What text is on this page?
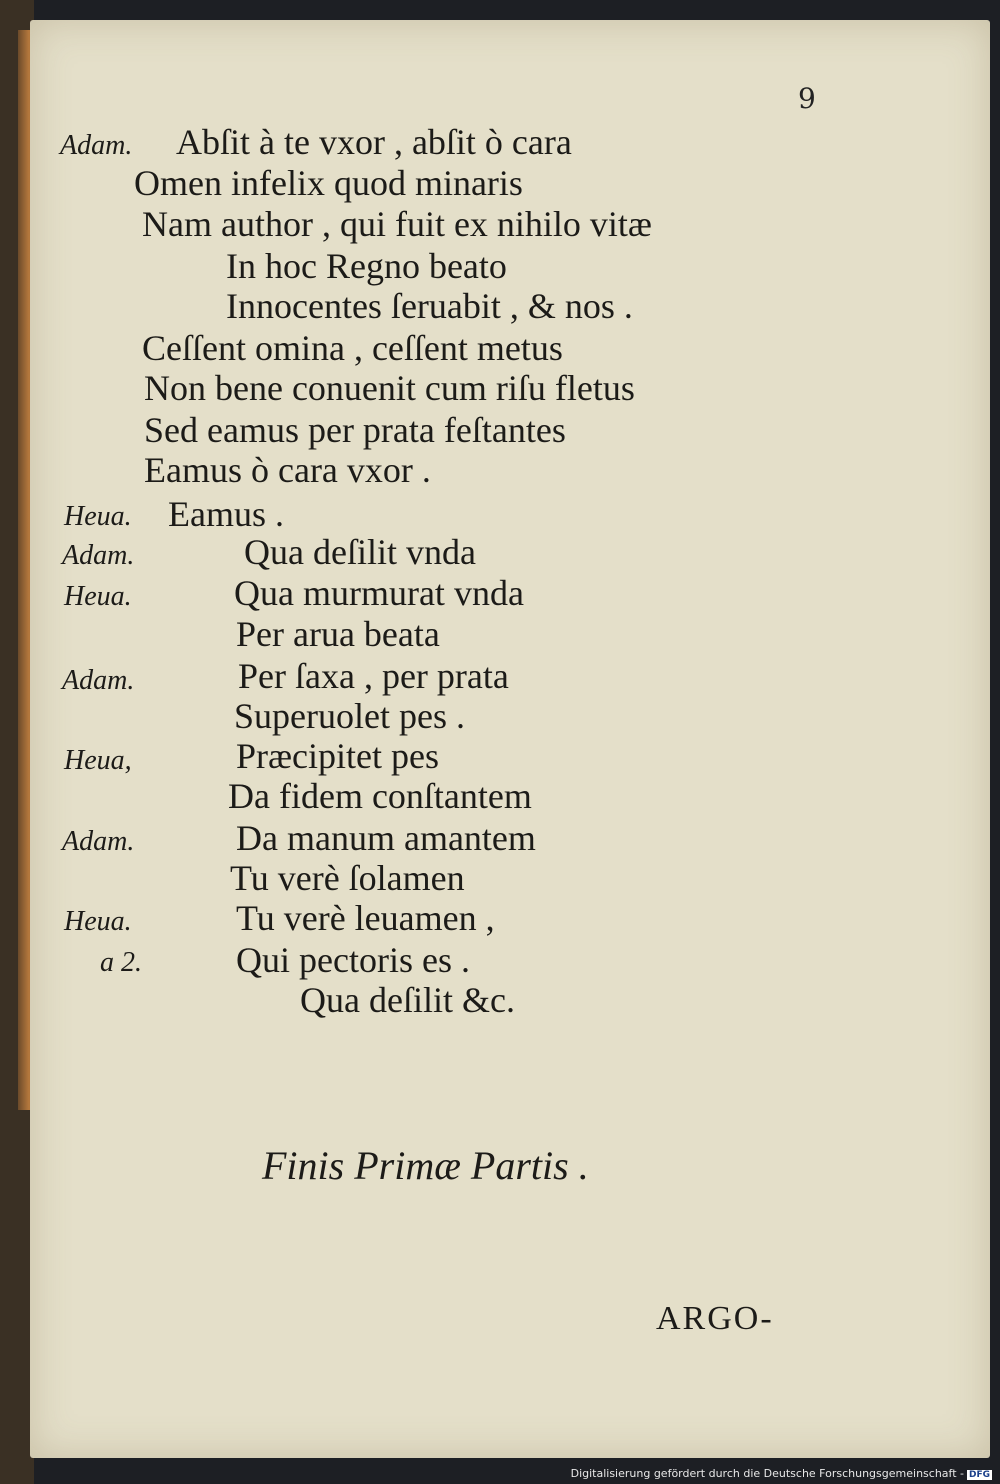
9
Adam.
Heua.
Adam.
Heua.
Adam.
Heua,
Adam.
Heua.
a 2.
Abſit à te vxor , abſit ò cara
Omen infelix quod minaris
Nam author , qui fuit ex nihilo vitæ
In hoc Regno beato
Innocentes ſeruabit , & nos .
Ceſſent omina , ceſſent metus
Non bene conuenit cum riſu fletus
Sed eamus per prata feſtantes
Eamus ò cara vxor .
Eamus .
Qua deſilit vnda
Qua murmurat vnda
Per arua beata
Per ſaxa , per prata
Superuolet pes .
Præcipitet pes
Da fidem conſtantem
Da manum amantem
Tu verè ſolamen
Tu verè leuamen ,
Qui pectoris es .
Qua deſilit &c.
Finis Primæ Partis .
ARGO-
Digitalisierung gefördert durch die Deutsche Forschungsgemeinschaft - DFG
